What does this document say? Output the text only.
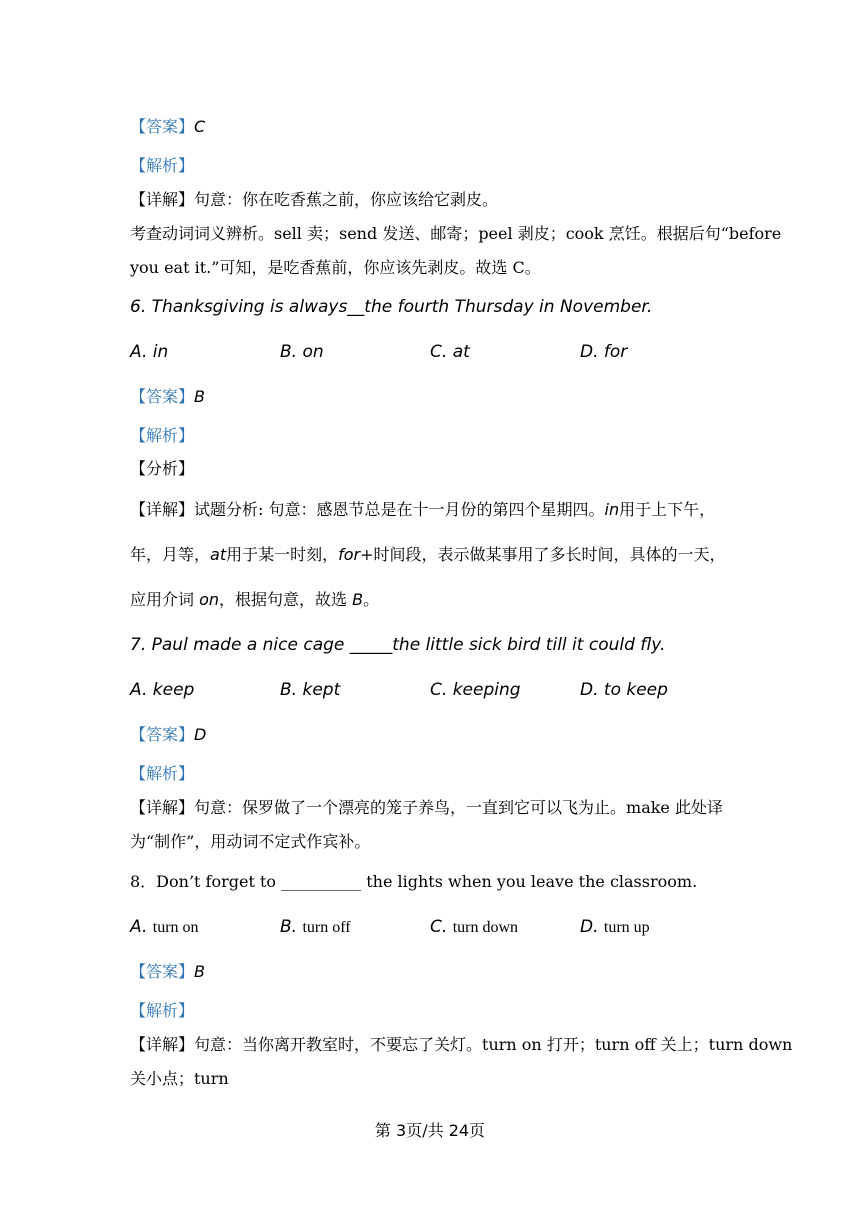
【答案】C
【解析】
【详解】句意：你在吃香蕉之前，你应该给它剥皮。
考查动词词义辨析。sell 卖；send 发送、邮寄；peel 剥皮；cook 烹饪。根据后句“before
you eat it.”可知，是吃香蕉前，你应该先剥皮。故选 C。
6. Thanksgiving is always__the fourth Thursday in November.
A. in	B. on	C. at	D. for
【答案】B
【解析】
【分析】
【详解】试题分析: 句意：感恩节总是在十一月份的第四个星期四。in用于上下午，
年，月等，at用于某一时刻，for+时间段，表示做某事用了多长时间，具体的一天，
应用介词 on，根据句意，故选 B。
7. Paul made a nice cage _____the little sick bird till it could fly.
A. keep	B. kept	C. keeping	D. to keep
【答案】D
【解析】
【详解】句意：保罗做了一个漂亮的笼子养鸟，一直到它可以飞为止。make 此处译
为“制作”，用动词不定式作宾补。
8．Don’t forget to __________ the lights when you leave the classroom.
A. turn on	B. turn off	C. turn down	D. turn up
【答案】B
【解析】
【详解】句意：当你离开教室时，不要忘了关灯。turn on 打开；turn off 关上；turn down
关小点；turn
第 3页/共 24页
